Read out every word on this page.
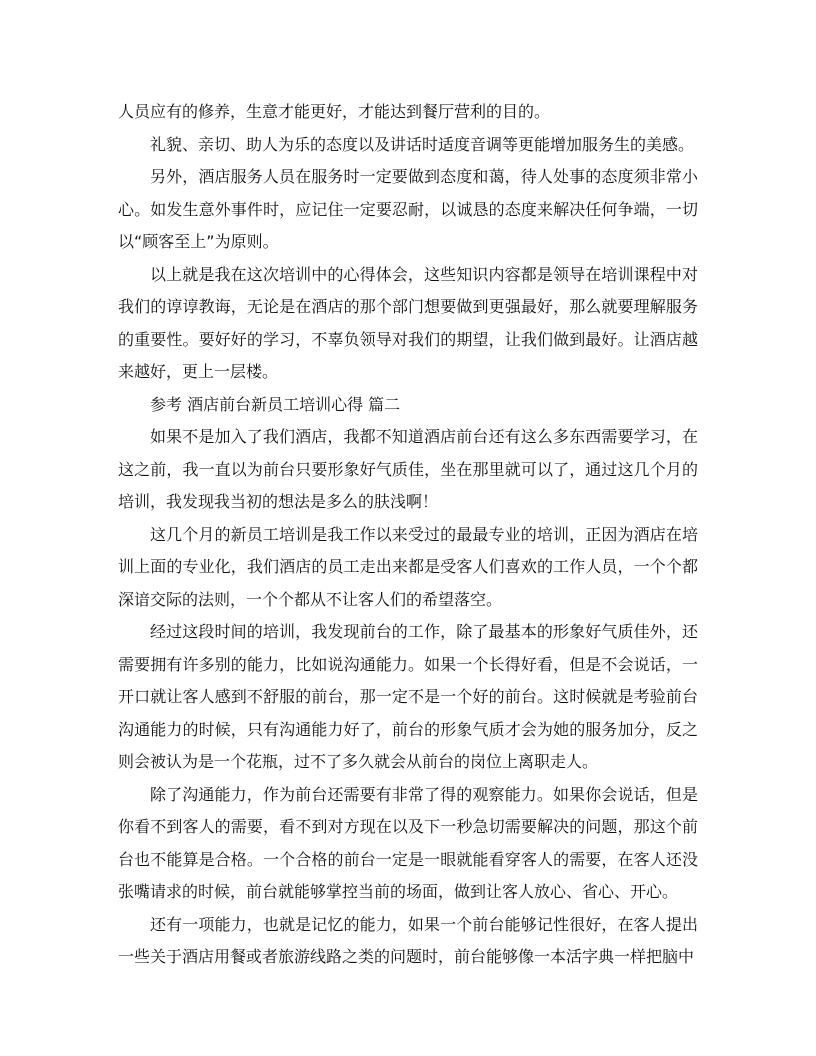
人员应有的修养，生意才能更好，才能达到餐厅营利的目的。

礼貌、亲切、助人为乐的态度以及讲话时适度音调等更能增加服务生的美感。

另外，酒店服务人员在服务时一定要做到态度和蔼，待人处事的态度须非常小心。如发生意外事件时，应记住一定要忍耐，以诚恳的态度来解决任何争端，一切以“顾客至上”为原则。

以上就是我在这次培训中的心得体会，这些知识内容都是领导在培训课程中对我们的谆谆教诲，无论是在酒店的那个部门想要做到更强最好，那么就要理解服务的重要性。要好好的学习，不辜负领导对我们的期望，让我们做到最好。让酒店越来越好，更上一层楼。

参考 酒店前台新员工培训心得 篇二

如果不是加入了我们酒店，我都不知道酒店前台还有这么多东西需要学习，在这之前，我一直以为前台只要形象好气质佳，坐在那里就可以了，通过这几个月的培训，我发现我当初的想法是多么的肤浅啊！

这几个月的新员工培训是我工作以来受过的最最专业的培训，正因为酒店在培训上面的专业化，我们酒店的员工走出来都是受客人们喜欢的工作人员，一个个都深谙交际的法则，一个个都从不让客人们的希望落空。

经过这段时间的培训，我发现前台的工作，除了最基本的形象好气质佳外，还需要拥有许多别的能力，比如说沟通能力。如果一个长得好看，但是不会说话，一开口就让客人感到不舒服的前台，那一定不是一个好的前台。这时候就是考验前台沟通能力的时候，只有沟通能力好了，前台的形象气质才会为她的服务加分，反之则会被认为是一个花瓶，过不了多久就会从前台的岗位上离职走人。

除了沟通能力，作为前台还需要有非常了得的观察能力。如果你会说话，但是你看不到客人的需要，看不到对方现在以及下一秒急切需要解决的问题，那这个前台也不能算是合格。一个合格的前台一定是一眼就能看穿客人的需要，在客人还没张嘴请求的时候，前台就能够掌控当前的场面，做到让客人放心、省心、开心。

还有一项能力，也就是记忆的能力，如果一个前台能够记性很好，在客人提出一些关于酒店用餐或者旅游线路之类的问题时，前台能够像一本活字典一样把脑中
